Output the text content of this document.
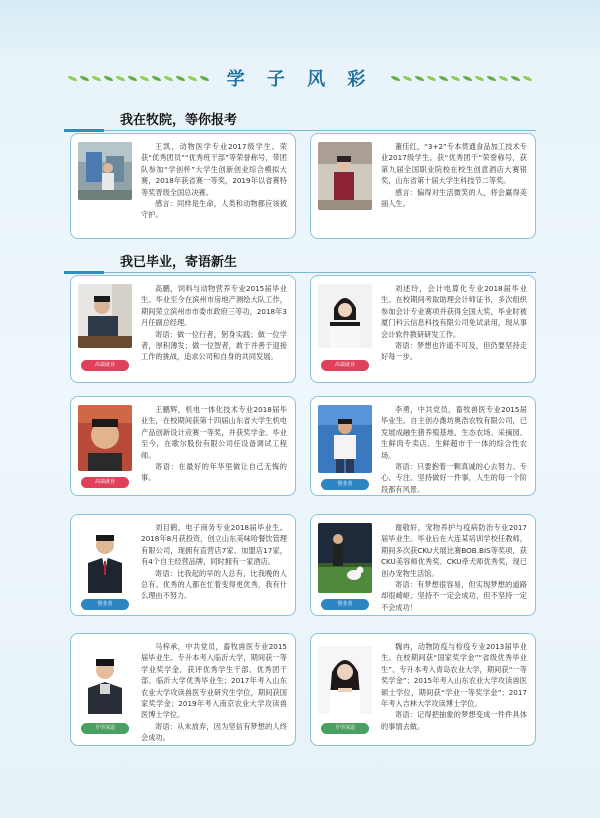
学 子 风 彩
我在牧院，等你报考

王凯，动物医学专业2017级学生。荣获“优秀团员”“优秀班干部”等荣誉称号，带团队参加“学创杯”大学生创新创业综合模拟大赛，2018年获省赛一等奖，2019年以省赛特等奖晋级全国总决赛。

感言：同样是生命，人类和动物都应该被守护。

董佳红，“3+2”专本贯通食品加工技术专业2017级学生。获“优秀团干”荣誉称号，获第九届全国职业院校在校生创意酒店大赛银奖，山东省第十届大学生科技节二等奖。

感言：偏得对生活微笑的人，将会赢得美丽人生。

我已毕业，寄语新生
高端就业

高鹏，饲料与动物营养专业2015届毕业生。毕业至今在滨州市房地产测绘大队工作，期间荣立滨州市市委市政府三等功，2018年3月任副总经理。

寄语：做一位行者，躬身实践；做一位学者，厚积薄发；做一位智者，敢于并善于迎接工作的挑战，追求公司和自身的共同发展。

高端就业

刘述玲，会计电算化专业2018届毕业生。在校期间考取助理会计师证书，多次组织参加会计专业赛项并获得全国大奖，毕业时被厦门科云信息科技有限公司免试录用，现从事会计软件教研研发工作。

寄语：梦想也许遥不可及，但仍要坚持走好每一步。

高端就业

王鹏辉，机电一体化技术专业2018届毕业生，在校期间获第十四届山东省大学生机电产品创新设计竞赛一等奖，并获奖学金。毕业至今，在歌尔股份有限公司任设备调试工程师。

寄语：在最好的年华里做让自己无悔的事。

创业者

李勇，中共党员，畜牧兽医专业2015届毕业生。自主创办潍坊奥浩农牧有限公司，已发展成融生猪养殖基地、生态农场、采摘园、生鲜肉专卖店、生鲜超市于一体的综合性农场。

寄语：只要抱着一颗真诚的心去努力、专心、专注、坚持做好一件事，人生的每一个阶段都有风景。

创业者

刘目鹤，电子商务专业2018届毕业生。2018年8月获投资，创立山东美味哈餐饮管理有限公司，现拥有直营店7家、加盟店17家，有4个自主经营品牌，同时拥有一家酒店。

寄语：比我起的早的人总有，比我晚的人总有。优秀的人都在忙着变得更优秀，我有什么理由不努力。

创业者

谢敬轩，宠物养护与疫病防治专业2017届毕业生。毕业后在大连某培训学校任教师，期间多次获CKU犬展比赛BOB.BIS等奖项，获CKU美容师优秀奖、CKU牵犬师优秀奖，现已创办宠物生活馆。

寄语：有梦想很容易，但实现梦想的道路却很崎岖；坚持不一定会成功，但不坚持一定不会成功！

升学深造

马梓承，中共党员，畜牧兽医专业2015届毕业生。专升本考入临沂大学，期间获一等学业奖学金，获评优秀学生干部、优秀团干部、临沂大学优秀毕业生；2017年考入山东农业大学攻读兽医专业研究生学位，期间获国家奖学金；2019年考入南京农业大学攻读兽医博士学位。

寄语：从未放弃，因为坚信有梦想的人终会成功。

升学深造

魏冉，动物防疫与检疫专业2013届毕业生。在校期间获“国家奖学金”“省级优秀毕业生”。专升本考入青岛农业大学，期间获“一等奖学金”；2015年考入山东农业大学攻读兽医硕士学位，期间获“学业一等奖学金”；2017年考入吉林大学攻读博士学位。

寄语：记得把抽象的梦想变成一件件具体的事情去做。
